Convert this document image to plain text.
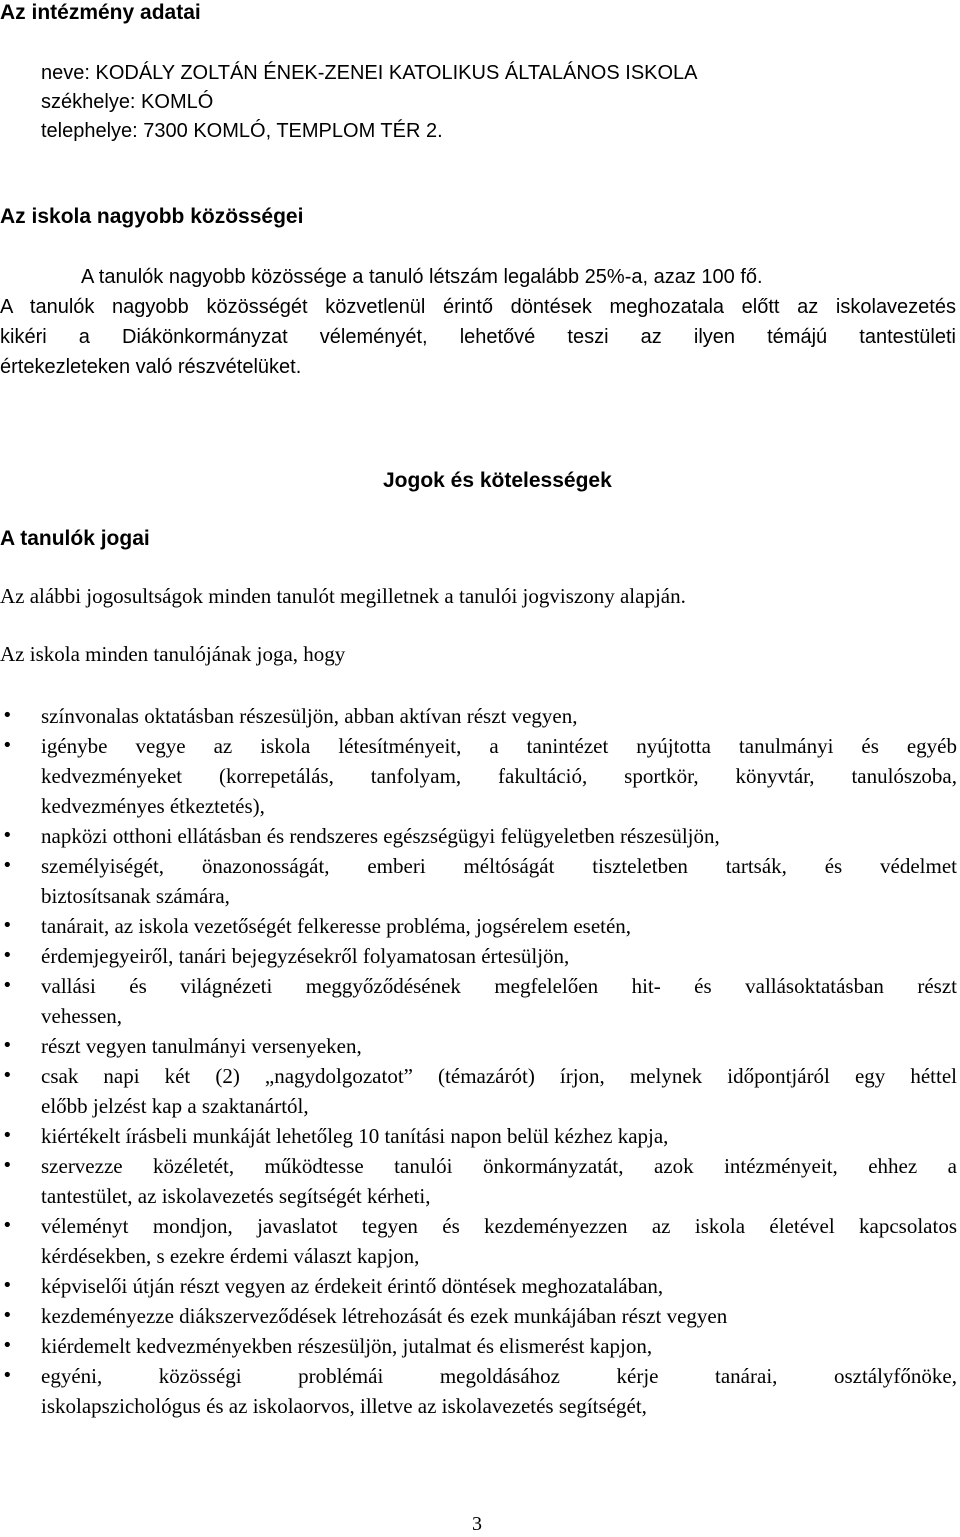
Az intézmény adatai
neve: KODÁLY ZOLTÁN ÉNEK-ZENEI KATOLIKUS ÁLTALÁNOS ISKOLA
székhelye: KOMLÓ
telephelye: 7300 KOMLÓ, TEMPLOM TÉR 2.
Az iskola nagyobb közösségei
A tanulók nagyobb közössége a tanuló létszám legalább 25%-a, azaz 100 fő.
A tanulók nagyobb közösségét közvetlenül érintő döntések meghozatala előtt az iskolavezetés
kikéri a Diákönkormányzat véleményét, lehetővé teszi az ilyen témájú tantestületi
értekezleteken való részvételüket.
Jogok és kötelességek
A tanulók jogai
Az alábbi jogosultságok minden tanulót megilletnek a tanulói jogviszony alapján.
Az iskola minden tanulójának joga, hogy
• színvonalas oktatásban részesüljön, abban aktívan részt vegyen,
• igénybe vegye az iskola létesítményeit, a tanintézet nyújtotta tanulmányi és egyéb
kedvezményeket (korrepetálás, tanfolyam, fakultáció, sportkör, könyvtár, tanulószoba,
kedvezményes étkeztetés),
• napközi otthoni ellátásban és rendszeres egészségügyi felügyeletben részesüljön,
• személyiségét, önazonosságát, emberi méltóságát tiszteletben tartsák, és védelmet
biztosítsanak számára,
• tanárait, az iskola vezetőségét felkeresse probléma, jogsérelem esetén,
• érdemjegyeiről, tanári bejegyzésekről folyamatosan értesüljön,
• vallási és világnézeti meggyőződésének megfelelően hit- és vallásoktatásban részt
vehessen,
• részt vegyen tanulmányi versenyeken,
• csak napi két (2) „nagydolgozatot” (témazárót) írjon, melynek időpontjáról egy héttel
előbb jelzést kap a szaktanártól,
• kiértékelt írásbeli munkáját lehetőleg 10 tanítási napon belül kézhez kapja,
• szervezze közéletét, működtesse tanulói önkormányzatát, azok intézményeit, ehhez a
tantestület, az iskolavezetés segítségét kérheti,
• véleményt mondjon, javaslatot tegyen és kezdeményezzen az iskola életével kapcsolatos
kérdésekben, s ezekre érdemi választ kapjon,
• képviselői útján részt vegyen az érdekeit érintő döntések meghozatalában,
• kezdeményezze diákszerveződések létrehozását és ezek munkájában részt vegyen
• kiérdemelt kedvezményekben részesüljön, jutalmat és elismerést kapjon,
• egyéni, közösségi problémái megoldásához kérje tanárai, osztályfőnöke,
iskolapszichológus és az iskolaorvos, illetve az iskolavezetés segítségét,
3
